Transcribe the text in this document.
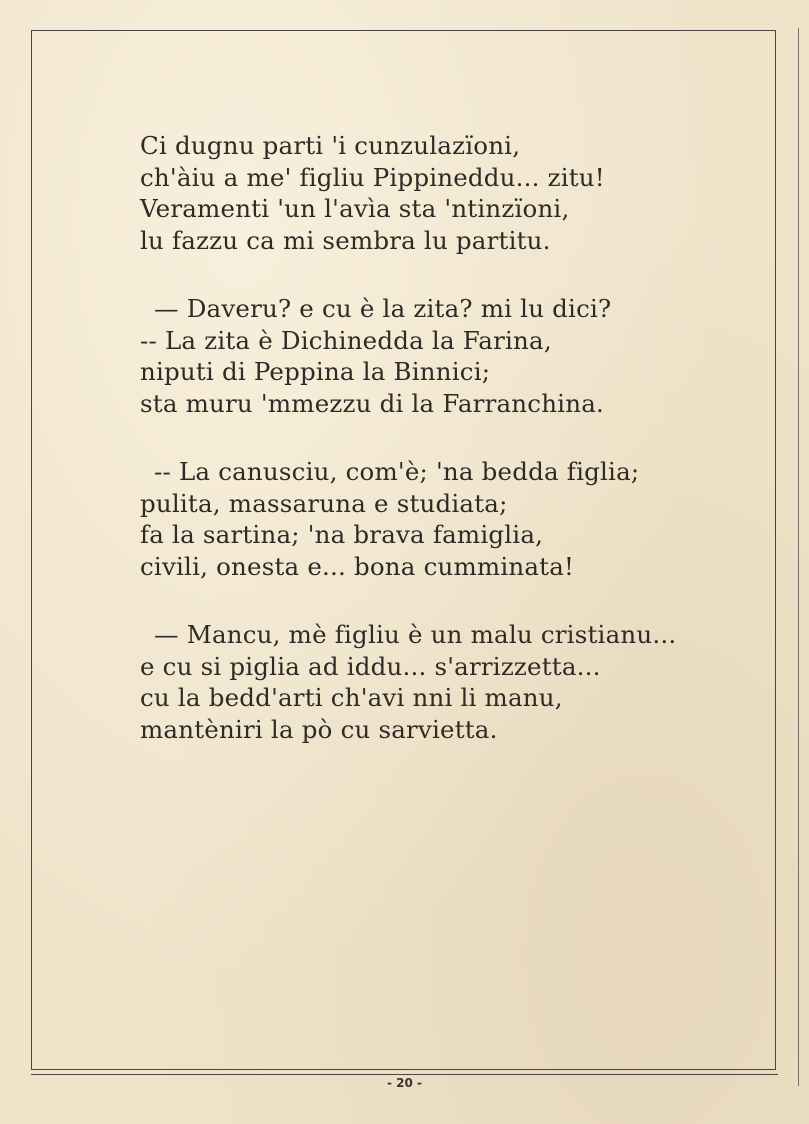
Ci dugnu parti 'i cunzulazïoni,
ch'àiu a me' figliu Pippineddu... zitu!
Veramenti 'un l'avìa sta 'ntinzïoni,
lu fazzu ca mi sembra lu partitu.
— Daveru? e cu è la zita? mi lu dici?
-- La zita è Dichinedda la Farina,
niputi di Peppina la Binnici;
sta muru 'mmezzu di la Farranchina.
-- La canusciu, com'è; 'na bedda figlia;
pulita, massaruna e studiata;
fa la sartina; 'na brava famiglia,
civili, onesta e... bona cumminata!
— Mancu, mè figliu è un malu cristianu...
e cu si piglia ad iddu... s'arrizzetta...
cu la bedd'arti ch'avi nni li manu,
mantèniri la pò cu sarvietta.
- 20 -
